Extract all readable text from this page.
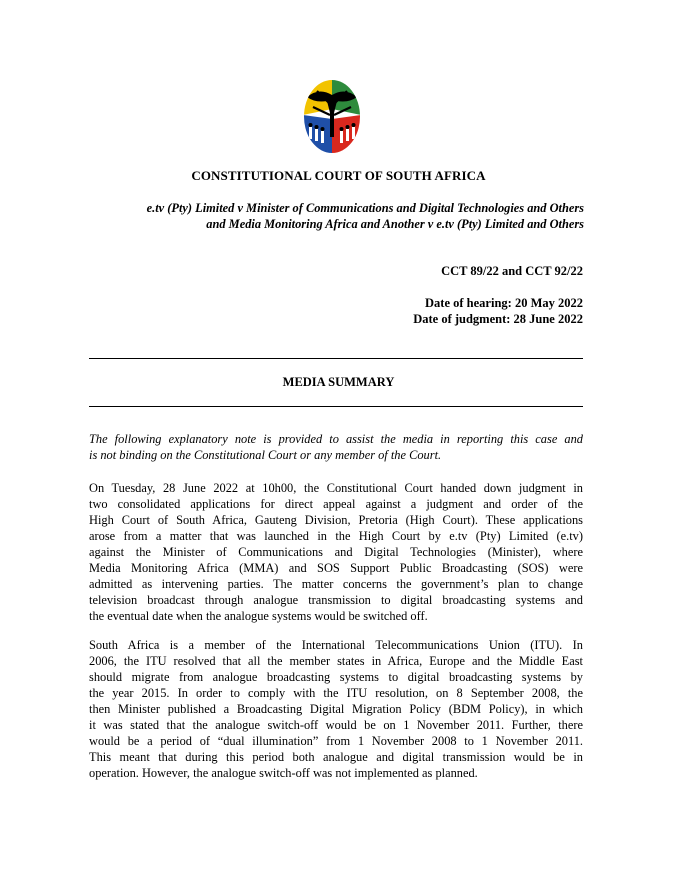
CONSTITUTIONAL COURT OF SOUTH AFRICA
e.tv (Pty) Limited v Minister of Communications and Digital Technologies and Others
and Media Monitoring Africa and Another v e.tv (Pty) Limited and Others
CCT 89/22 and CCT 92/22
Date of hearing: 20 May 2022
Date of judgment: 28 June 2022
MEDIA SUMMARY
The following explanatory note is provided to assist the media in reporting this case and
is not binding on the Constitutional Court or any member of the Court.
On Tuesday, 28 June 2022 at 10h00, the Constitutional Court handed down judgment in
two consolidated applications for direct appeal against a judgment and order of the
High Court of South Africa, Gauteng Division, Pretoria (High Court). These applications
arose from a matter that was launched in the High Court by e.tv (Pty) Limited (e.tv)
against the Minister of Communications and Digital Technologies (Minister), where
Media Monitoring Africa (MMA) and SOS Support Public Broadcasting (SOS) were
admitted as intervening parties. The matter concerns the government’s plan to change
television broadcast through analogue transmission to digital broadcasting systems and
the eventual date when the analogue systems would be switched off.
South Africa is a member of the International Telecommunications Union (ITU). In
2006, the ITU resolved that all the member states in Africa, Europe and the Middle East
should migrate from analogue broadcasting systems to digital broadcasting systems by
the year 2015. In order to comply with the ITU resolution, on 8 September 2008, the
then Minister published a Broadcasting Digital Migration Policy (BDM Policy), in which
it was stated that the analogue switch-off would be on 1 November 2011. Further, there
would be a period of “dual illumination” from 1 November 2008 to 1 November 2011.
This meant that during this period both analogue and digital transmission would be in
operation. However, the analogue switch-off was not implemented as planned.
